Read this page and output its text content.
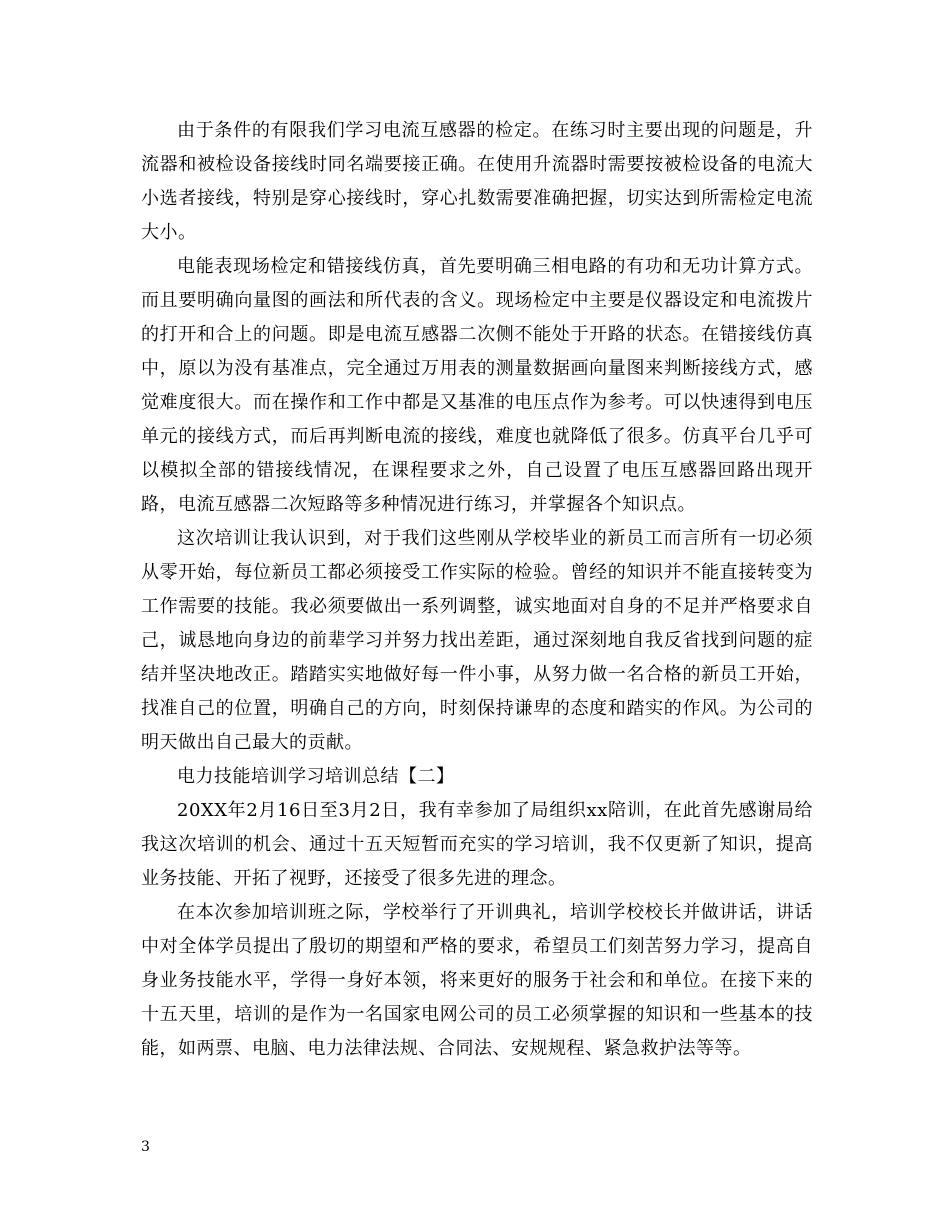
由于条件的有限我们学习电流互感器的检定。在练习时主要出现的问题是，升流器和被检设备接线时同名端要接正确。在使用升流器时需要按被检设备的电流大小选者接线，特别是穿心接线时，穿心扎数需要准确把握，切实达到所需检定电流大小。

电能表现场检定和错接线仿真，首先要明确三相电路的有功和无功计算方式。而且要明确向量图的画法和所代表的含义。现场检定中主要是仪器设定和电流拨片的打开和合上的问题。即是电流互感器二次侧不能处于开路的状态。在错接线仿真中，原以为没有基准点，完全通过万用表的测量数据画向量图来判断接线方式，感觉难度很大。而在操作和工作中都是又基准的电压点作为参考。可以快速得到电压单元的接线方式，而后再判断电流的接线，难度也就降低了很多。仿真平台几乎可以模拟全部的错接线情况，在课程要求之外，自己设置了电压互感器回路出现开路，电流互感器二次短路等多种情况进行练习，并掌握各个知识点。

这次培训让我认识到，对于我们这些刚从学校毕业的新员工而言所有一切必须从零开始，每位新员工都必须接受工作实际的检验。曾经的知识并不能直接转变为工作需要的技能。我必须要做出一系列调整，诚实地面对自身的不足并严格要求自己，诚恳地向身边的前辈学习并努力找出差距，通过深刻地自我反省找到问题的症结并坚决地改正。踏踏实实地做好每一件小事，从努力做一名合格的新员工开始，找准自己的位置，明确自己的方向，时刻保持谦卑的态度和踏实的作风。为公司的明天做出自己最大的贡献。

电力技能培训学习培训总结【二】

20XX年2月16日至3月2日，我有幸参加了局组织xx陪训，在此首先感谢局给我这次培训的机会、通过十五天短暂而充实的学习培训，我不仅更新了知识，提高业务技能、开拓了视野，还接受了很多先进的理念。

在本次参加培训班之际，学校举行了开训典礼，培训学校校长并做讲话，讲话中对全体学员提出了殷切的期望和严格的要求，希望员工们刻苦努力学习，提高自身业务技能水平，学得一身好本领，将来更好的服务于社会和和单位。在接下来的十五天里，培训的是作为一名国家电网公司的员工必须掌握的知识和一些基本的技能，如两票、电脑、电力法律法规、合同法、安规规程、紧急救护法等等。

3
